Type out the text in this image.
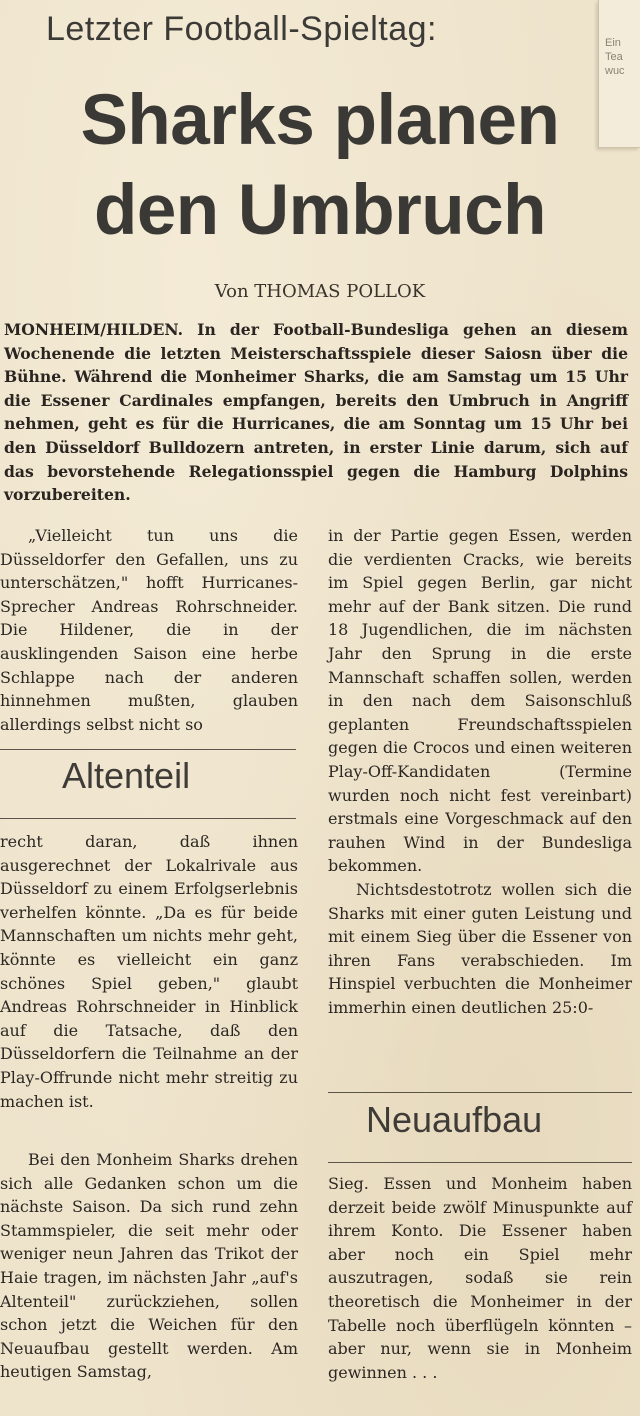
Ein
Tea
wuc
Letzter Football-Spieltag:
Sharks planen
den Umbruch
Von THOMAS POLLOK
MONHEIM/HILDEN. In der Football-Bundesliga gehen an diesem Wochenende die letzten Meisterschaftsspiele dieser Saiosn über die Bühne. Während die Monheimer Sharks, die am Samstag um 15 Uhr die Essener Cardinales empfangen, bereits den Umbruch in Angriff nehmen, geht es für die Hurricanes, die am Sonntag um 15 Uhr bei den Düsseldorf Bulldozern antreten, in erster Linie darum, sich auf das bevorstehende Relegationsspiel gegen die Hamburg Dolphins vorzubereiten.

„Vielleicht tun uns die Düsseldorfer den Gefallen, uns zu unterschätzen," hofft Hurricanes-Sprecher Andreas Rohrschneider. Die Hildener, die in der ausklingenden Saison eine herbe Schlappe nach der anderen hinnehmen mußten, glauben allerdings selbst nicht so

Altenteil

recht daran, daß ihnen ausgerechnet der Lokalrivale aus Düsseldorf zu einem Erfolgserlebnis verhelfen könnte. „Da es für beide Mannschaften um nichts mehr geht, könnte es vielleicht ein ganz schönes Spiel geben," glaubt Andreas Rohrschneider in Hinblick auf die Tatsache, daß den Düsseldorfern die Teilnahme an der Play-Offrunde nicht mehr streitig zu machen ist.

Bei den Monheim Sharks drehen sich alle Gedanken schon um die nächste Saison. Da sich rund zehn Stammspieler, die seit mehr oder weniger neun Jahren das Trikot der Haie tragen, im nächsten Jahr „auf's Altenteil" zurückziehen, sollen schon jetzt die Weichen für den Neuaufbau gestellt werden. Am heutigen Samstag,

in der Partie gegen Essen, werden die verdienten Cracks, wie bereits im Spiel gegen Berlin, gar nicht mehr auf der Bank sitzen. Die rund 18 Jugendlichen, die im nächsten Jahr den Sprung in die erste Mannschaft schaffen sollen, werden in den nach dem Saisonschluß geplanten Freundschaftsspielen gegen die Crocos und einen weiteren Play-Off-Kandidaten (Termine wurden noch nicht fest vereinbart) erstmals eine Vorgeschmack auf den rauhen Wind in der Bundesliga bekommen.

Nichtsdestotrotz wollen sich die Sharks mit einer guten Leistung und mit einem Sieg über die Essener von ihren Fans verabschieden. Im Hinspiel verbuchten die Monheimer immerhin einen deutlichen 25:0-

Neuaufbau

Sieg. Essen und Monheim haben derzeit beide zwölf Minuspunkte auf ihrem Konto. Die Essener haben aber noch ein Spiel mehr auszutragen, sodaß sie rein theoretisch die Monheimer in der Tabelle noch überflügeln könnten – aber nur, wenn sie in Monheim gewinnen . . .
